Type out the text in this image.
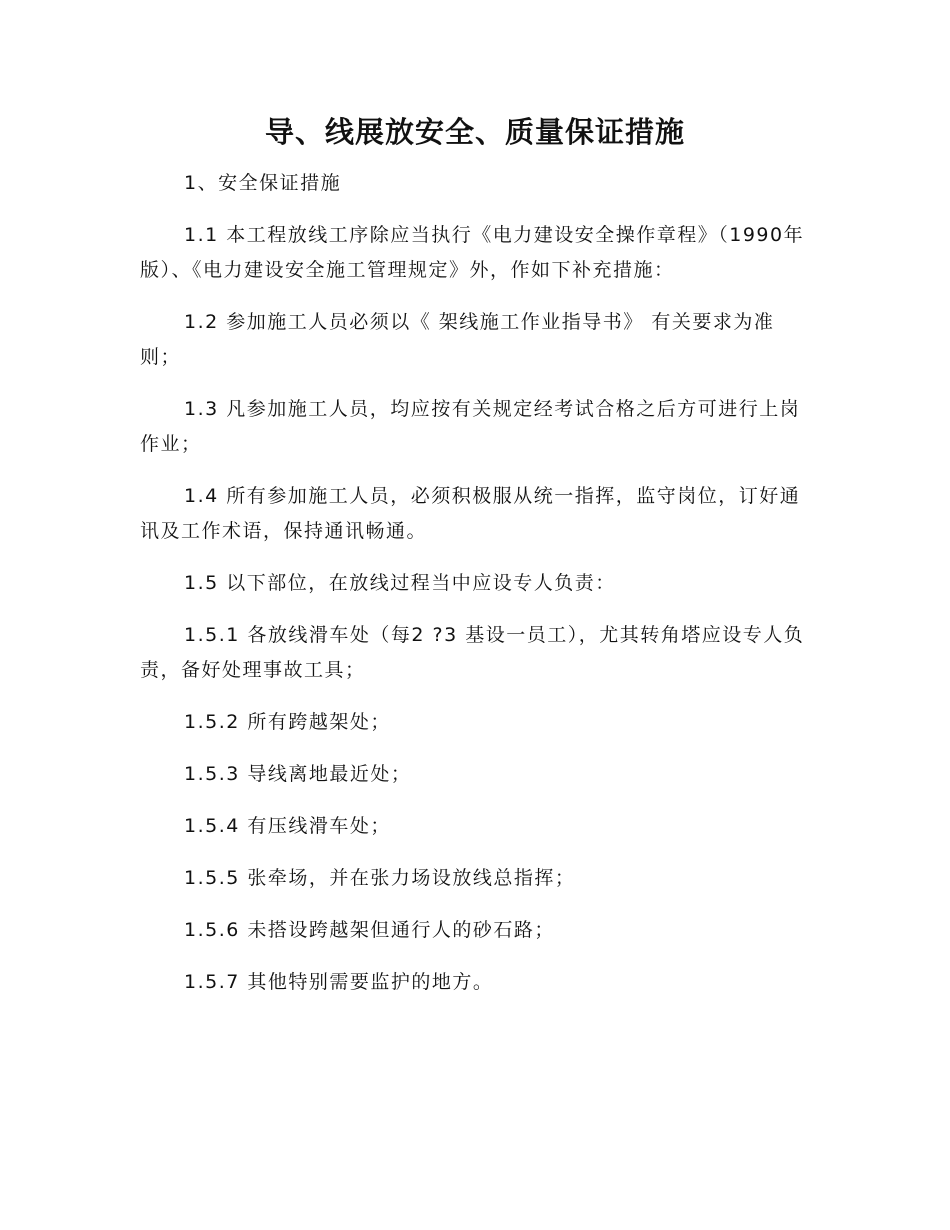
导、线展放安全、质量保证措施

1、安全保证措施

1.1 本工程放线工序除应当执行《电力建设安全操作章程》（1990年版）、《电力建设安全施工管理规定》外，作如下补充措施：

1.2 参加施工人员必须以《 架线施工作业指导书》 有关要求为准则；

1.3 凡参加施工人员，均应按有关规定经考试合格之后方可进行上岗作业；

1.4 所有参加施工人员，必须积极服从统一指挥，监守岗位，订好通讯及工作术语，保持通讯畅通。

1.5 以下部位，在放线过程当中应设专人负责：

1.5.1 各放线滑车处（每2 ?3 基设一员工），尤其转角塔应设专人负责，备好处理事故工具；

1.5.2 所有跨越架处；

1.5.3 导线离地最近处；

1.5.4 有压线滑车处；

1.5.5 张牵场，并在张力场设放线总指挥；

1.5.6 未搭设跨越架但通行人的砂石路；

1.5.7 其他特别需要监护的地方。
